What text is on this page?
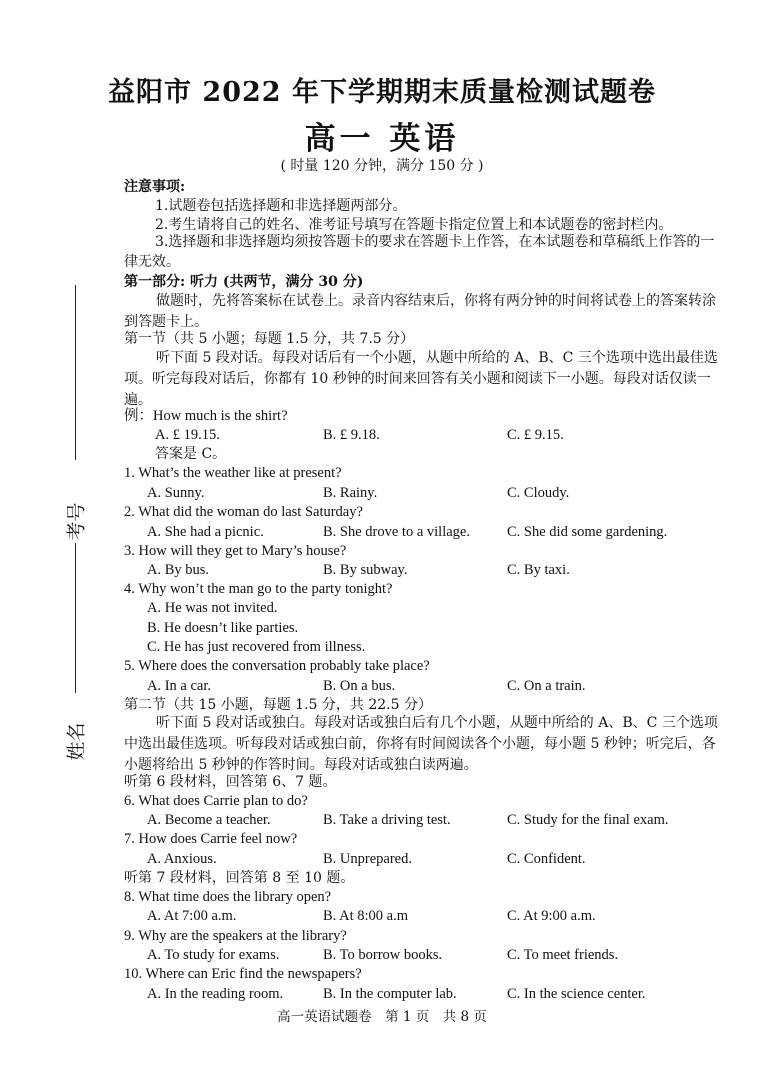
益阳市 2022 年下学期期末质量检测试题卷
高一 英语
( 时量 120 分钟，满分 150 分 )
考号
姓名
注意事项:
1.试题卷包括选择题和非选择题两部分。
2.考生请将自己的姓名、准考证号填写在答题卡指定位置上和本试题卷的密封栏内。
3.选择题和非选择题均须按答题卡的要求在答题卡上作答，在本试题卷和草稿纸上作答的一律无效。
第一部分: 听力 (共两节，满分 30 分)
做题时，先将答案标在试卷上。录音内容结束后，你将有两分钟的时间将试卷上的答案转涂到答题卡上。
第一节（共 5 小题；每题 1.5 分，共 7.5 分）
听下面 5 段对话。每段对话后有一个小题，从题中所给的 A、B、C 三个选项中选出最佳选项。听完每段对话后，你都有 10 秒钟的时间来回答有关小题和阅读下一小题。每段对话仅读一遍。
例：How much is the shirt?
A. £ 19.15.	B. £ 9.18.	C. £ 9.15.
答案是 C。
1. What’s the weather like at present?
A. Sunny.	B. Rainy.	C. Cloudy.
2. What did the woman do last Saturday?
A. She had a picnic.	B. She drove to a village.	C. She did some gardening.
3. How will they get to Mary’s house?
A. By bus.	B. By subway.	C. By taxi.
4. Why won’t the man go to the party tonight?
A. He was not invited.
B. He doesn’t like parties.
C. He has just recovered from illness.
5. Where does the conversation probably take place?
A. In a car.	B. On a bus.	C. On a train.
第二节（共 15 小题，每题 1.5 分，共 22.5 分）
听下面 5 段对话或独白。每段对话或独白后有几个小题，从题中所给的 A、B、C 三个选项中选出最佳选项。听每段对话或独白前，你将有时间阅读各个小题，每小题 5 秒钟；听完后，各小题将给出 5 秒钟的作答时间。每段对话或独白读两遍。
听第 6 段材料，回答第 6、7 题。
6. What does Carrie plan to do?
A. Become a teacher.	B. Take a driving test.	C. Study for the final exam.
7. How does Carrie feel now?
A. Anxious.	B. Unprepared.	C. Confident.
听第 7 段材料，回答第 8 至 10 题。
8. What time does the library open?
A. At 7:00 a.m.	B. At 8:00 a.m	C. At 9:00 a.m.
9. Why are the speakers at the library?
A. To study for exams.	B. To borrow books.	C. To meet friends.
10. Where can Eric find the newspapers?
A. In the reading room.	B. In the computer lab.	C. In the science center.
高一英语试题卷　第 1 页　共 8 页
